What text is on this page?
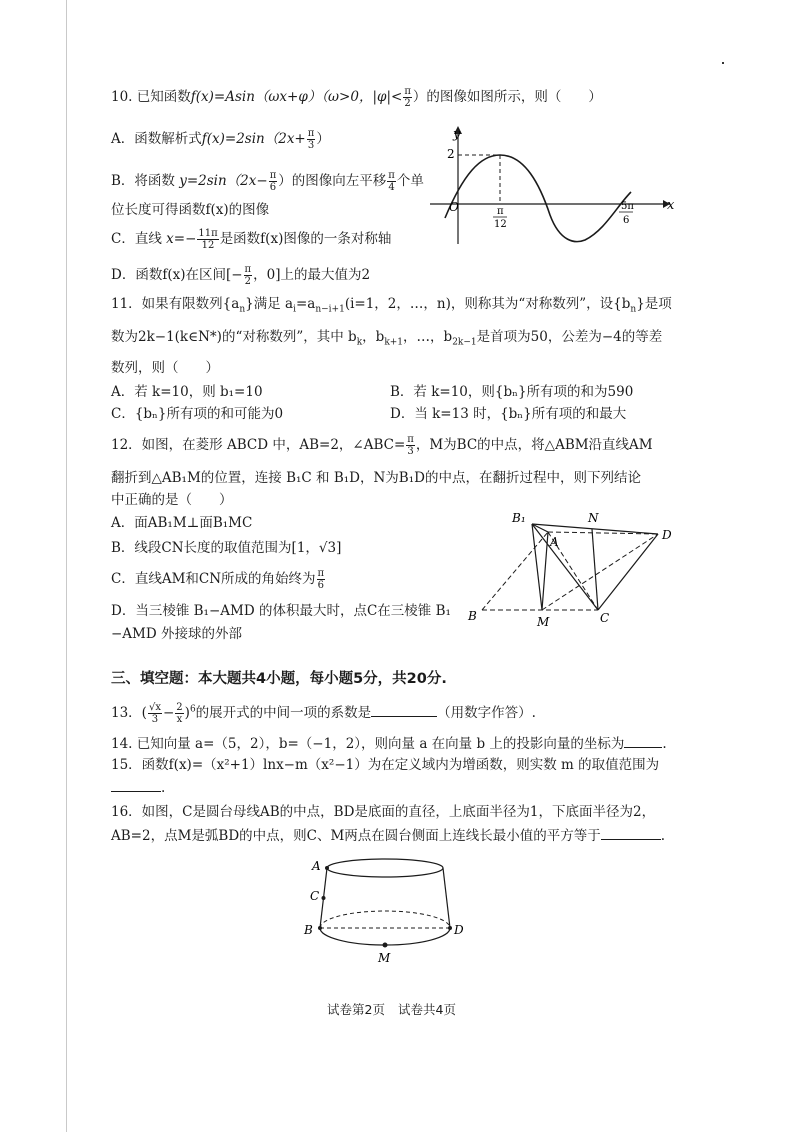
10. 已知函数f(x)=Asin（ωx+φ）（ω>0，$|\varphi|< \frac{\pi}{2}$ ）的图像如图所示，则（　　）
A．函数解析式$f(x)=2\sin(2x+ \frac{\pi}{3}$ ）
B．将函数 $y=2\sin(2x- \frac{\pi}{6}$ ）的图像向左平移 $\frac{\pi}{4}$ 个单
位长度可得函数f(x)的图像
C．直线 $x=- \frac{11\pi}{12}$ 是函数f(x)图像的一条对称轴
D．函数f(x)在区间[− $\frac{\pi}{2}$ ，0]上的最大值为2
y
x
2
O	π
12
5π
6
11．如果有限数列$\{a_n\}$满足 $a_i=a_{n-i+1}(i=1$，2，…，n)，则称其为“对称数列”，设$\{b_n\}$是项
数为2k−1(k∈N*)的“对称数列”，其中 $b_k$，$b_{k+1}$，…，$b_{2k-1}$是首项为50，公差为−4的等差
数列，则（　　）
A．若 k=10，则 b₁=10	B．若 k=10，则{bₙ}所有项的和为590
C．{bₙ}所有项的和可能为0	D．当 k=13 时，{bₙ}所有项的和最大
12．如图，在菱形 ABCD 中，AB=2，∠ABC= $\frac{\pi}{3}$ ，M为BC的中点，将△ABM沿直线AM
翻折到△AB₁M的位置，连接 B₁C 和 B₁D，N为B₁D的中点，在翻折过程中，则下列结论
中正确的是（　　）
A．面AB₁M⊥面B₁MC
B．线段CN长度的取值范围为[1，√3]
C．直线AM和CN所成的角始终为 $\frac{\pi}{6}$
D．当三棱锥 B₁−AMD 的体积最大时，点C在三棱锥 B₁
−AMD 外接球的外部
B₁	N
D
A
B	M	C
三、填空题：本大题共4小题，每小题5分，共20分.
13．( $\frac{√x}{3} - \frac{2}{x} )^6$的展开式的中间一项的系数是	（用数字作答）.
14. 已知向量 a=（5，2），b=（−1，2），则向量 a 在向量 b 上的投影向量的坐标为	.
15．函数f(x)=（x²+1）lnx−m（x²−1）为在定义域内为增函数，则实数 m 的取值范围为
.
16．如图，C是圆台母线AB的中点，BD是底面的直径，上底面半径为1，下底面半径为2，
AB=2，点M是弧BD的中点，则C、M两点在圆台侧面上连线长最小值的平方等于	.
A
C
B	D
M
试卷第2页 试卷共4页
